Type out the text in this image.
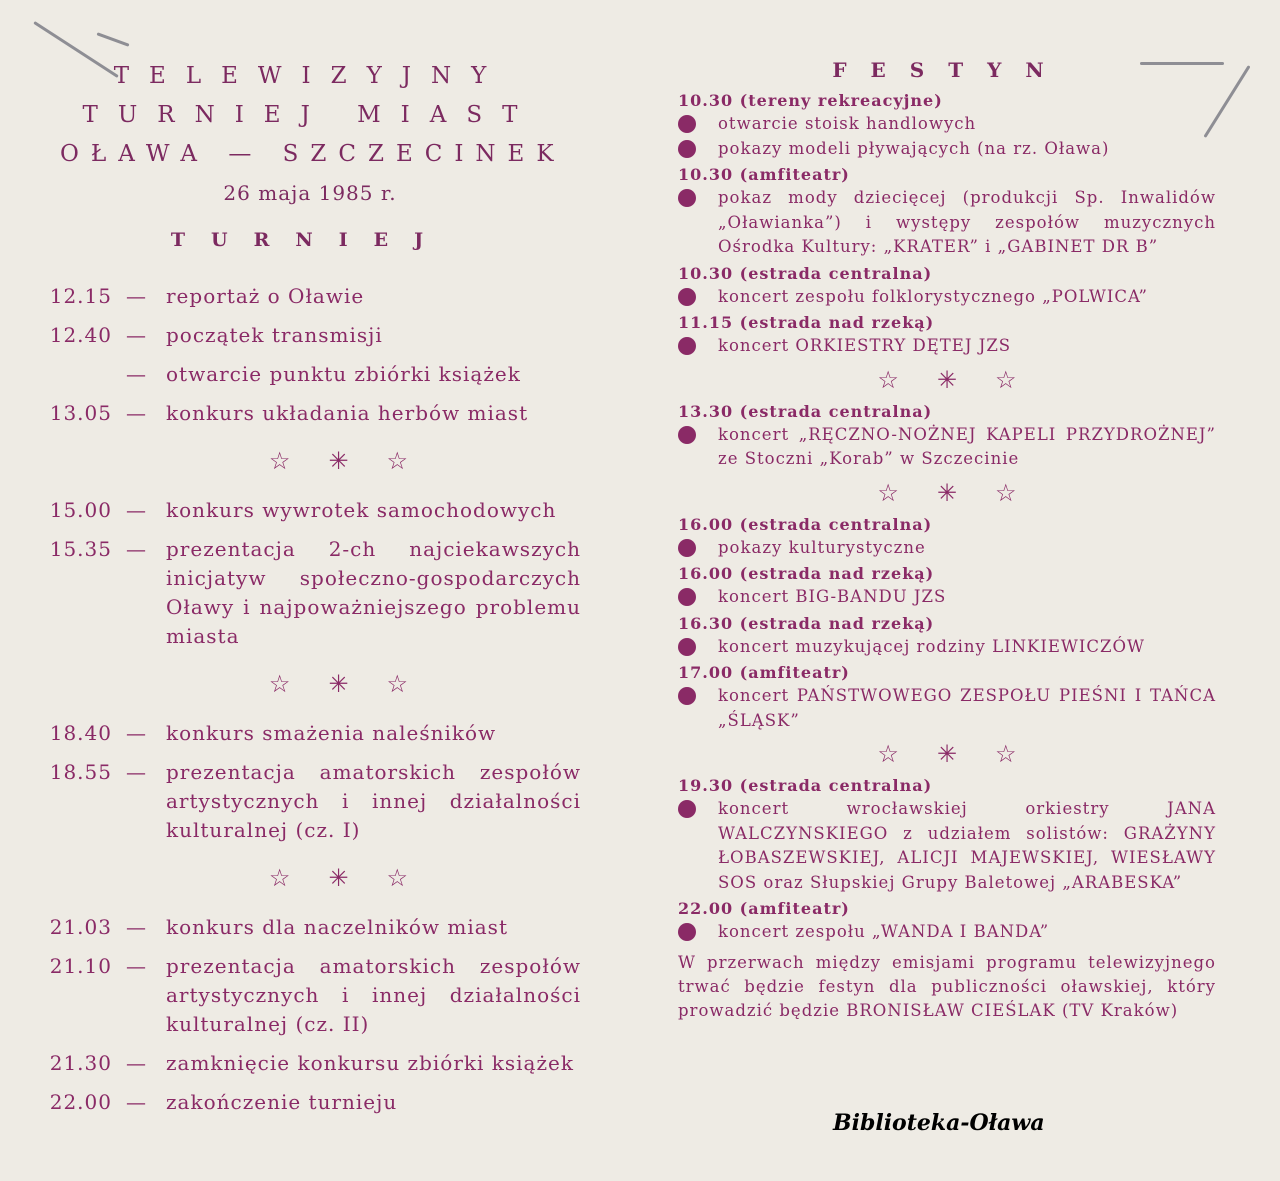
TELEWIZYJNY
TURNIEJ MIAST
OŁAWA — SZCZECINEK
26 maja 1985 r.
TURNIEJ
12.15 —	reportaż o Oławie
12.40 —	początek transmisji
—	otwarcie punktu zbiórki książek
13.05 —	konkurs układania herbów miast
☆ ✳ ☆
15.00 —	konkurs wywrotek samochodowych
15.35 —	prezentacja 2-ch najciekawszych inicjatyw społeczno-gospodarczych Oławy i najpoważniejszego problemu miasta
☆ ✳ ☆
18.40 —	konkurs smażenia naleśników
18.55 —	prezentacja amatorskich zespołów artystycznych i innej działalności kulturalnej (cz. I)
☆ ✳ ☆
21.03 —	konkurs dla naczelników miast
21.10 —	prezentacja amatorskich zespołów artystycznych i innej działalności kulturalnej (cz. II)
21.30 —	zamknięcie konkursu zbiórki książek
22.00 —	zakończenie turnieju
FESTYN
10.30 (tereny rekreacyjne)
otwarcie stoisk handlowych
pokazy modeli pływających (na rz. Oława)
10.30 (amfiteatr)
pokaz mody dziecięcej (produkcji Sp. Inwalidów „Oławianka”) i występy zespołów muzycznych Ośrodka Kultury: „KRATER” i „GABINET DR B”
10.30 (estrada centralna)
koncert zespołu folklorystycznego „POLWICA”
11.15 (estrada nad rzeką)
koncert ORKIESTRY DĘTEJ JZS
☆ ✳ ☆
13.30 (estrada centralna)
koncert „RĘCZNO-NOŻNEJ KAPELI PRZYDROŻNEJ” ze Stoczni „Korab” w Szczecinie
☆ ✳ ☆
16.00 (estrada centralna)
pokazy kulturystyczne
16.00 (estrada nad rzeką)
koncert BIG-BANDU JZS
16.30 (estrada nad rzeką)
koncert muzykującej rodziny LINKIEWICZÓW
17.00 (amfiteatr)
koncert PAŃSTWOWEGO ZESPOŁU PIEŚNI I TAŃCA „ŚLĄSK”
☆ ✳ ☆
19.30 (estrada centralna)
koncert wrocławskiej orkiestry JANA WALCZYNSKIEGO z udziałem solistów: GRAŻYNY ŁOBASZEWSKIEJ, ALICJI MAJEWSKIEJ, WIESŁAWY SOS oraz Słupskiej Grupy Baletowej „ARABESKA”
22.00 (amfiteatr)
koncert zespołu „WANDA I BANDA”
W przerwach między emisjami programu telewizyjnego trwać będzie festyn dla publiczności oławskiej, który prowadzić będzie BRONISŁAW CIEŚLAK (TV Kraków)
Biblioteka-Oława
